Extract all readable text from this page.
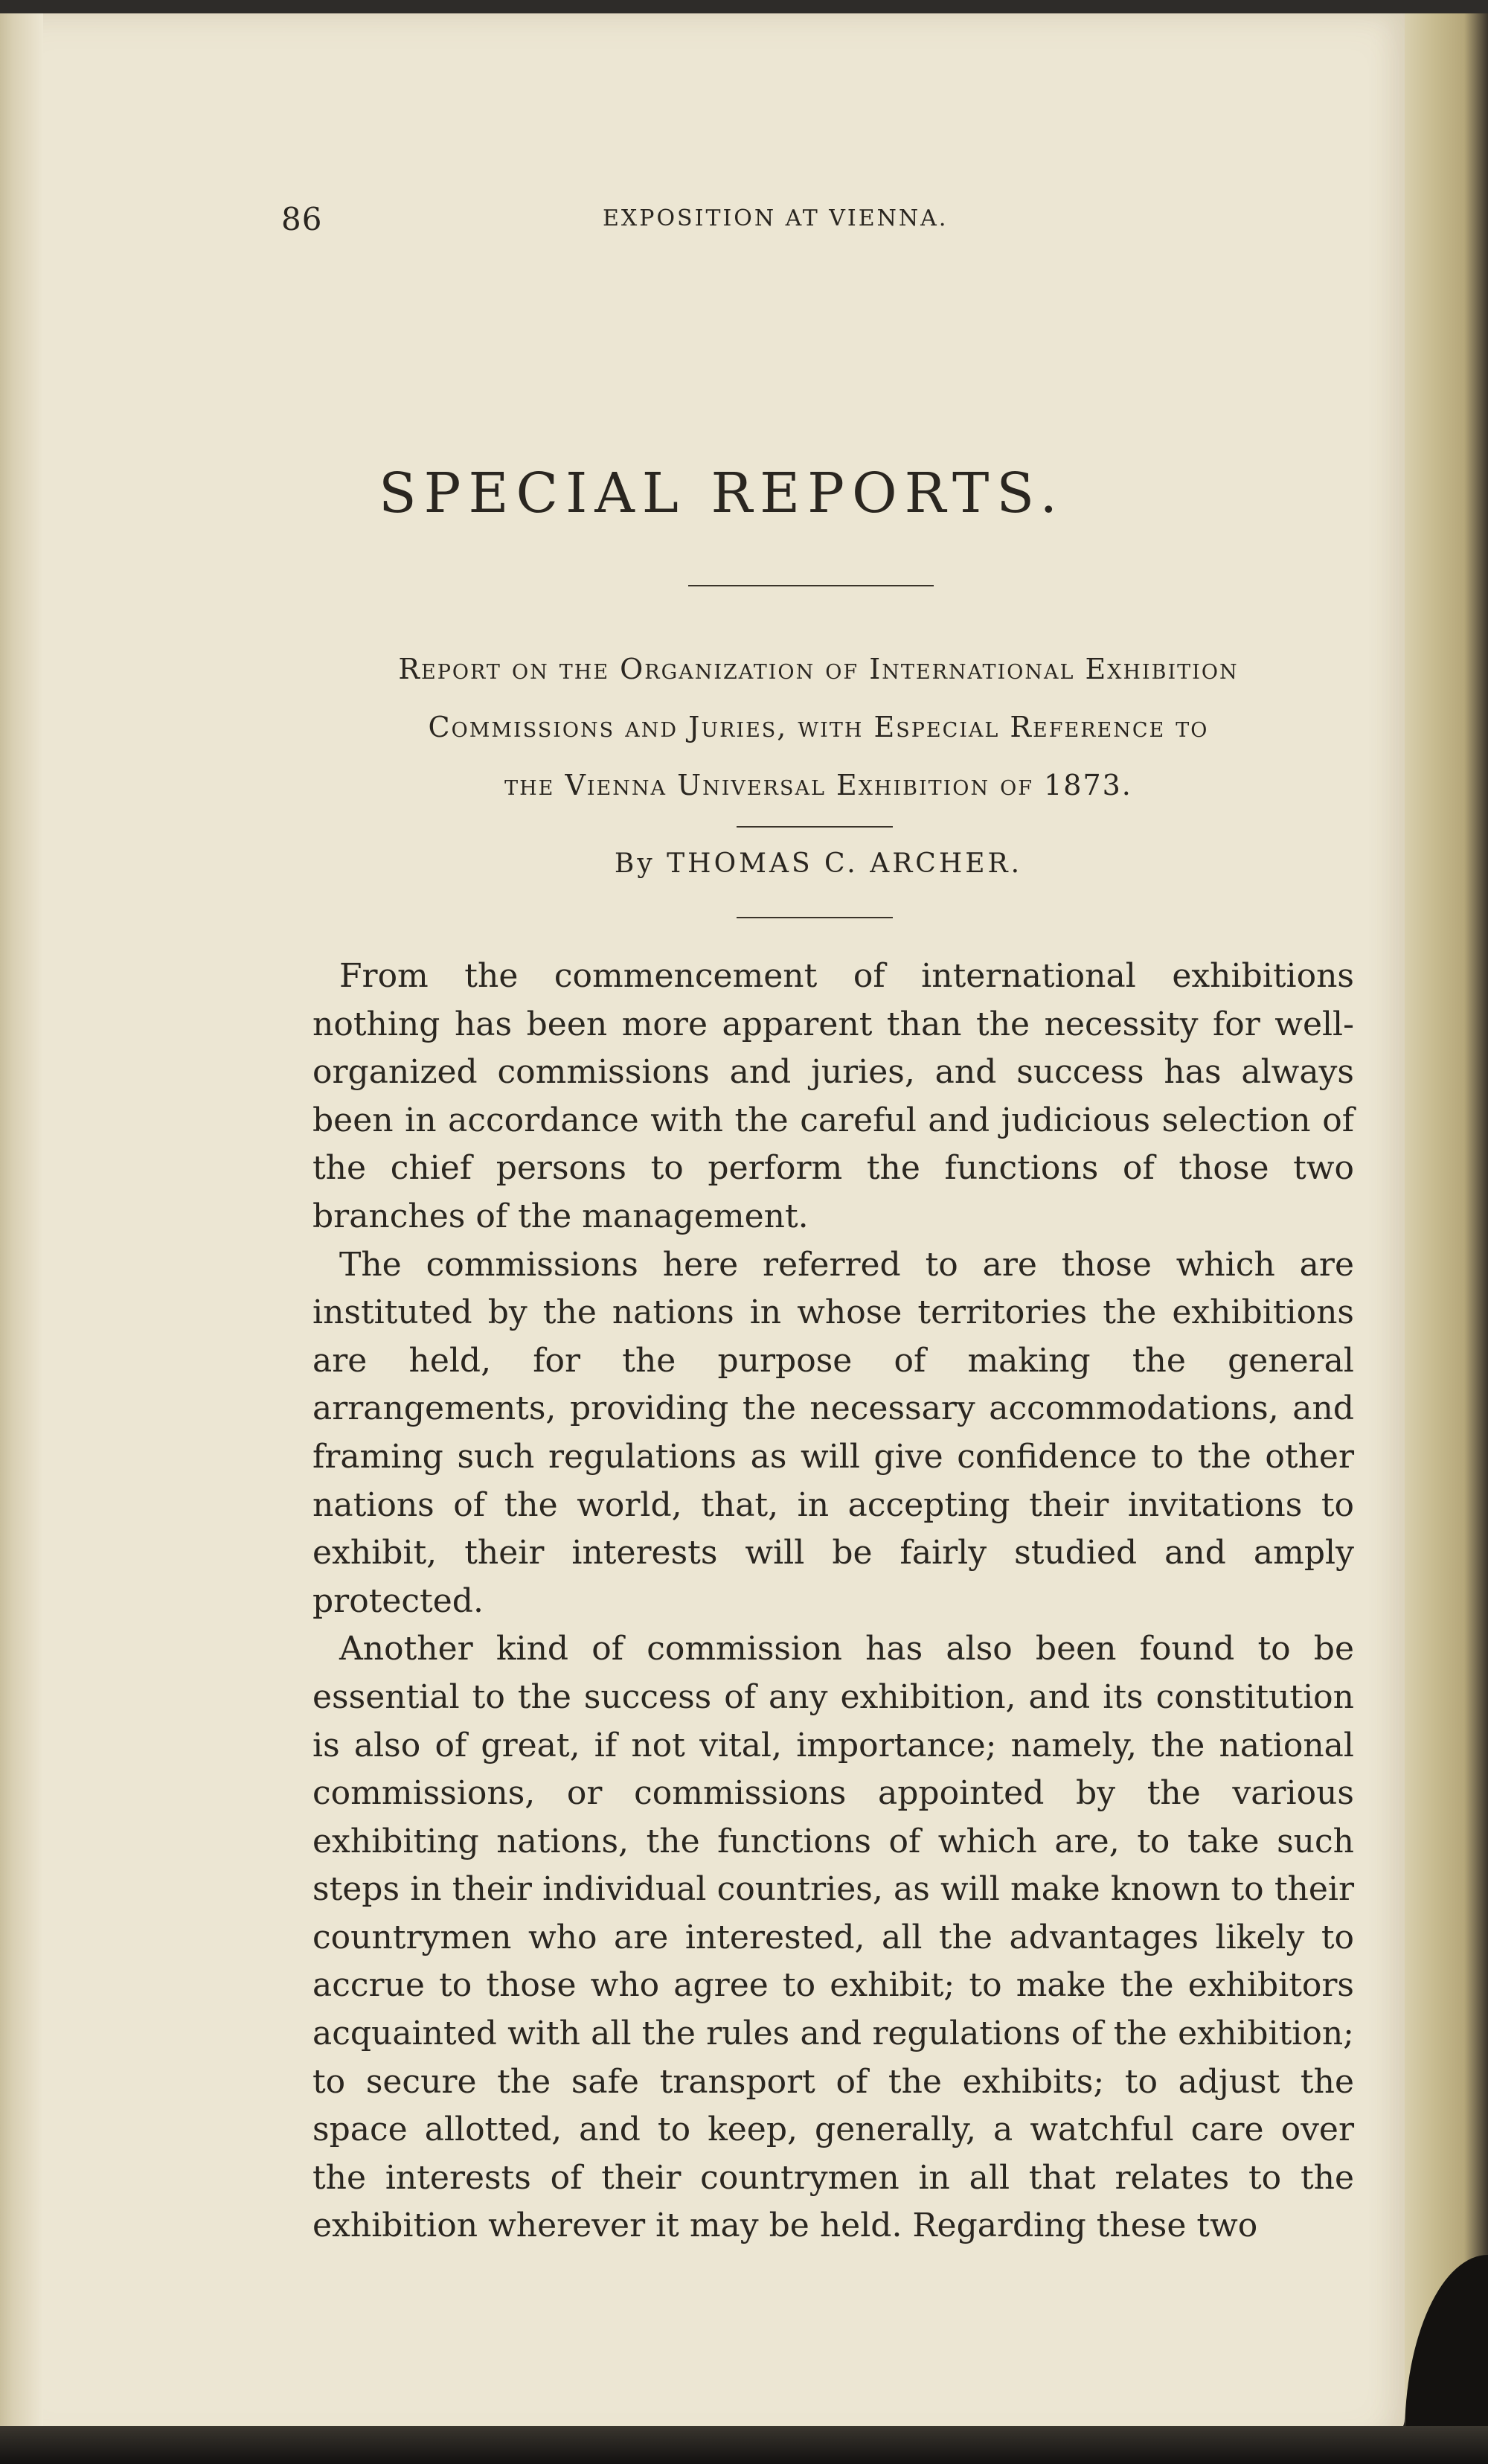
86	EXPOSITION AT VIENNA.
SPECIAL REPORTS.
Report on the Organization of International Exhibition
Commissions and Juries, with Especial Reference to
the Vienna Universal Exhibition of 1873.
By THOMAS C. ARCHER.

From the commencement of international exhibitions nothing has been more apparent than the necessity for well-organized commissions and juries, and success has always been in accordance with the careful and judicious selection of the chief persons to perform the functions of those two branches of the management.

The commissions here referred to are those which are instituted by the nations in whose territories the exhibitions are held, for the purpose of making the general arrangements, providing the necessary accommodations, and framing such regulations as will give confidence to the other nations of the world, that, in accepting their invitations to exhibit, their interests will be fairly studied and amply protected.

Another kind of commission has also been found to be essential to the success of any exhibition, and its constitution is also of great, if not vital, importance; namely, the national commissions, or commissions appointed by the various exhibiting nations, the functions of which are, to take such steps in their individual countries, as will make known to their countrymen who are interested, all the advantages likely to accrue to those who agree to exhibit; to make the exhibitors acquainted with all the rules and regulations of the exhibition; to secure the safe transport of the exhibits; to adjust the space allotted, and to keep, generally, a watchful care over the interests of their countrymen in all that relates to the exhibition wherever it may be held. Regarding these two
